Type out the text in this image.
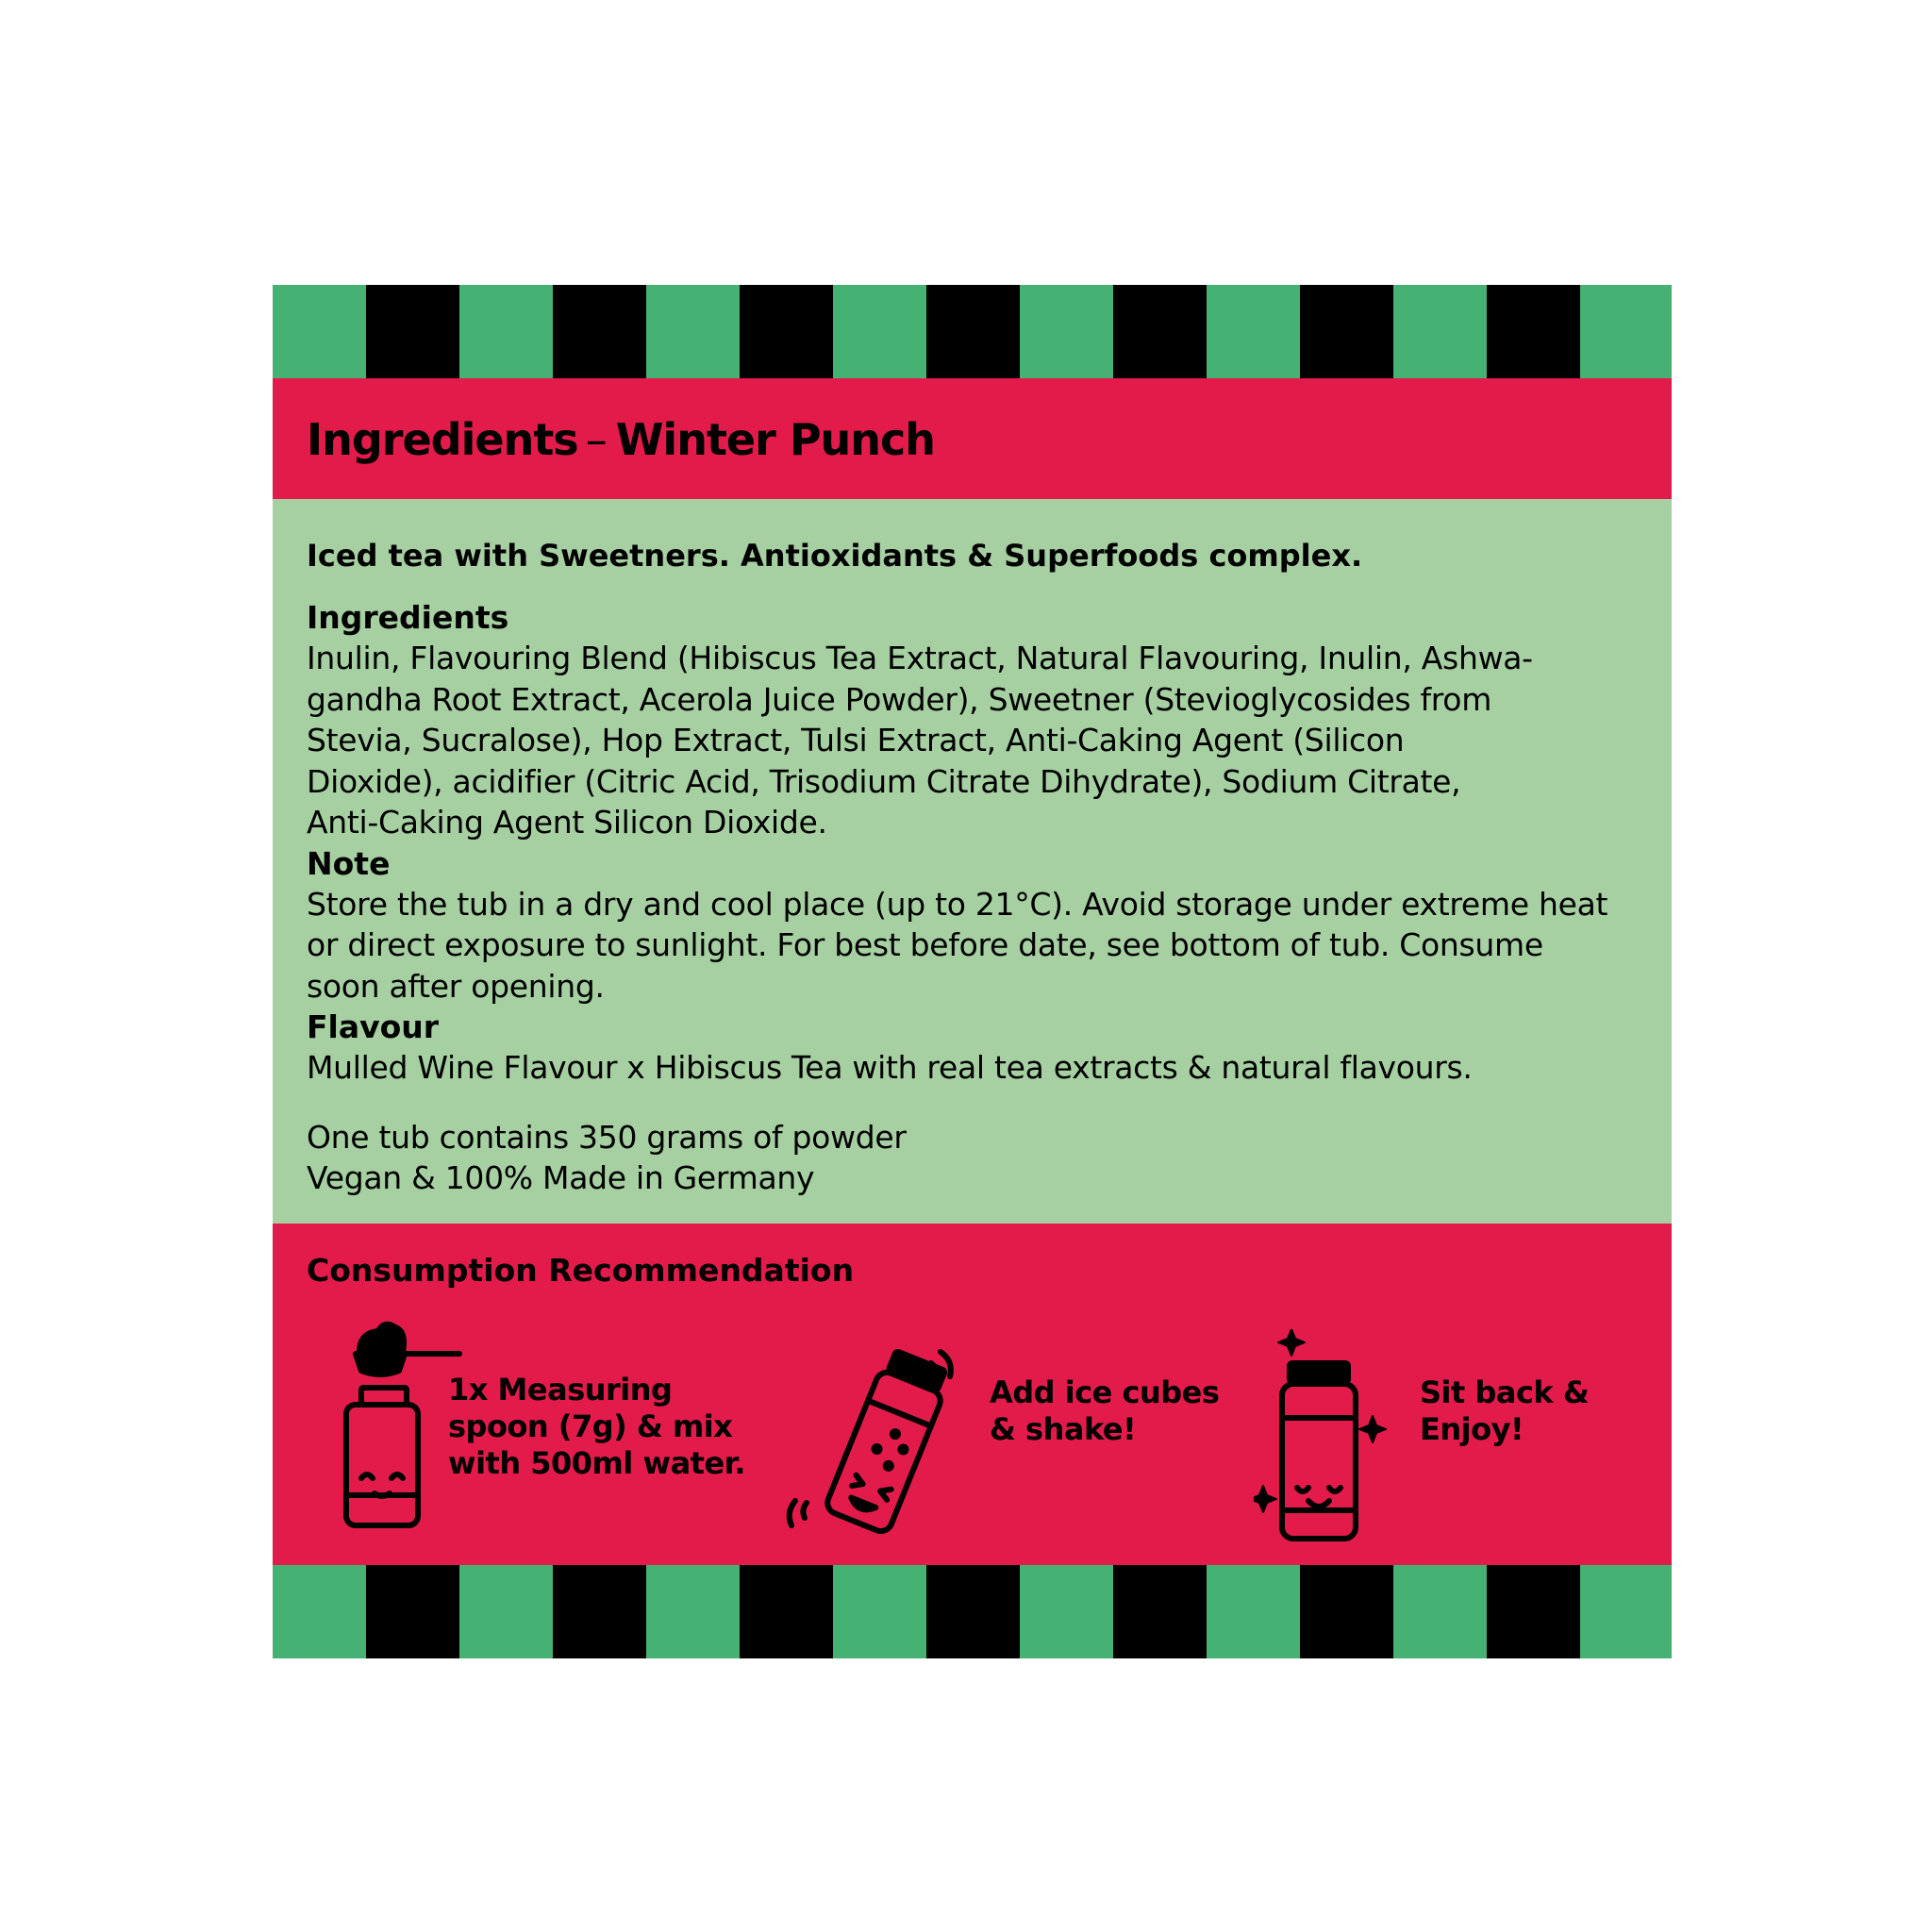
Ingredients – Winter Punch

Iced tea with Sweetners. Antioxidants & Superfoods complex.

Ingredients

Inulin, Flavouring Blend (Hibiscus Tea Extract, Natural Flavouring, Inulin, Ashwa-

gandha Root Extract, Acerola Juice Powder), Sweetner (Stevioglycosides from

Stevia, Sucralose), Hop Extract, Tulsi Extract, Anti-Caking Agent (Silicon

Dioxide), acidifier (Citric Acid, Trisodium Citrate Dihydrate), Sodium Citrate,

Anti-Caking Agent Silicon Dioxide.

Note

Store the tub in a dry and cool place (up to 21°C). Avoid storage under extreme heat

or direct exposure to sunlight. For best before date, see bottom of tub. Consume

soon after opening.

Flavour

Mulled Wine Flavour x Hibiscus Tea with real tea extracts & natural flavours.

One tub contains 350 grams of powder

Vegan & 100% Made in Germany

Consumption Recommendation

1x Measuring
spoon (7g) & mix
with 500ml water.

Add ice cubes
& shake!

Sit back &
Enjoy!
